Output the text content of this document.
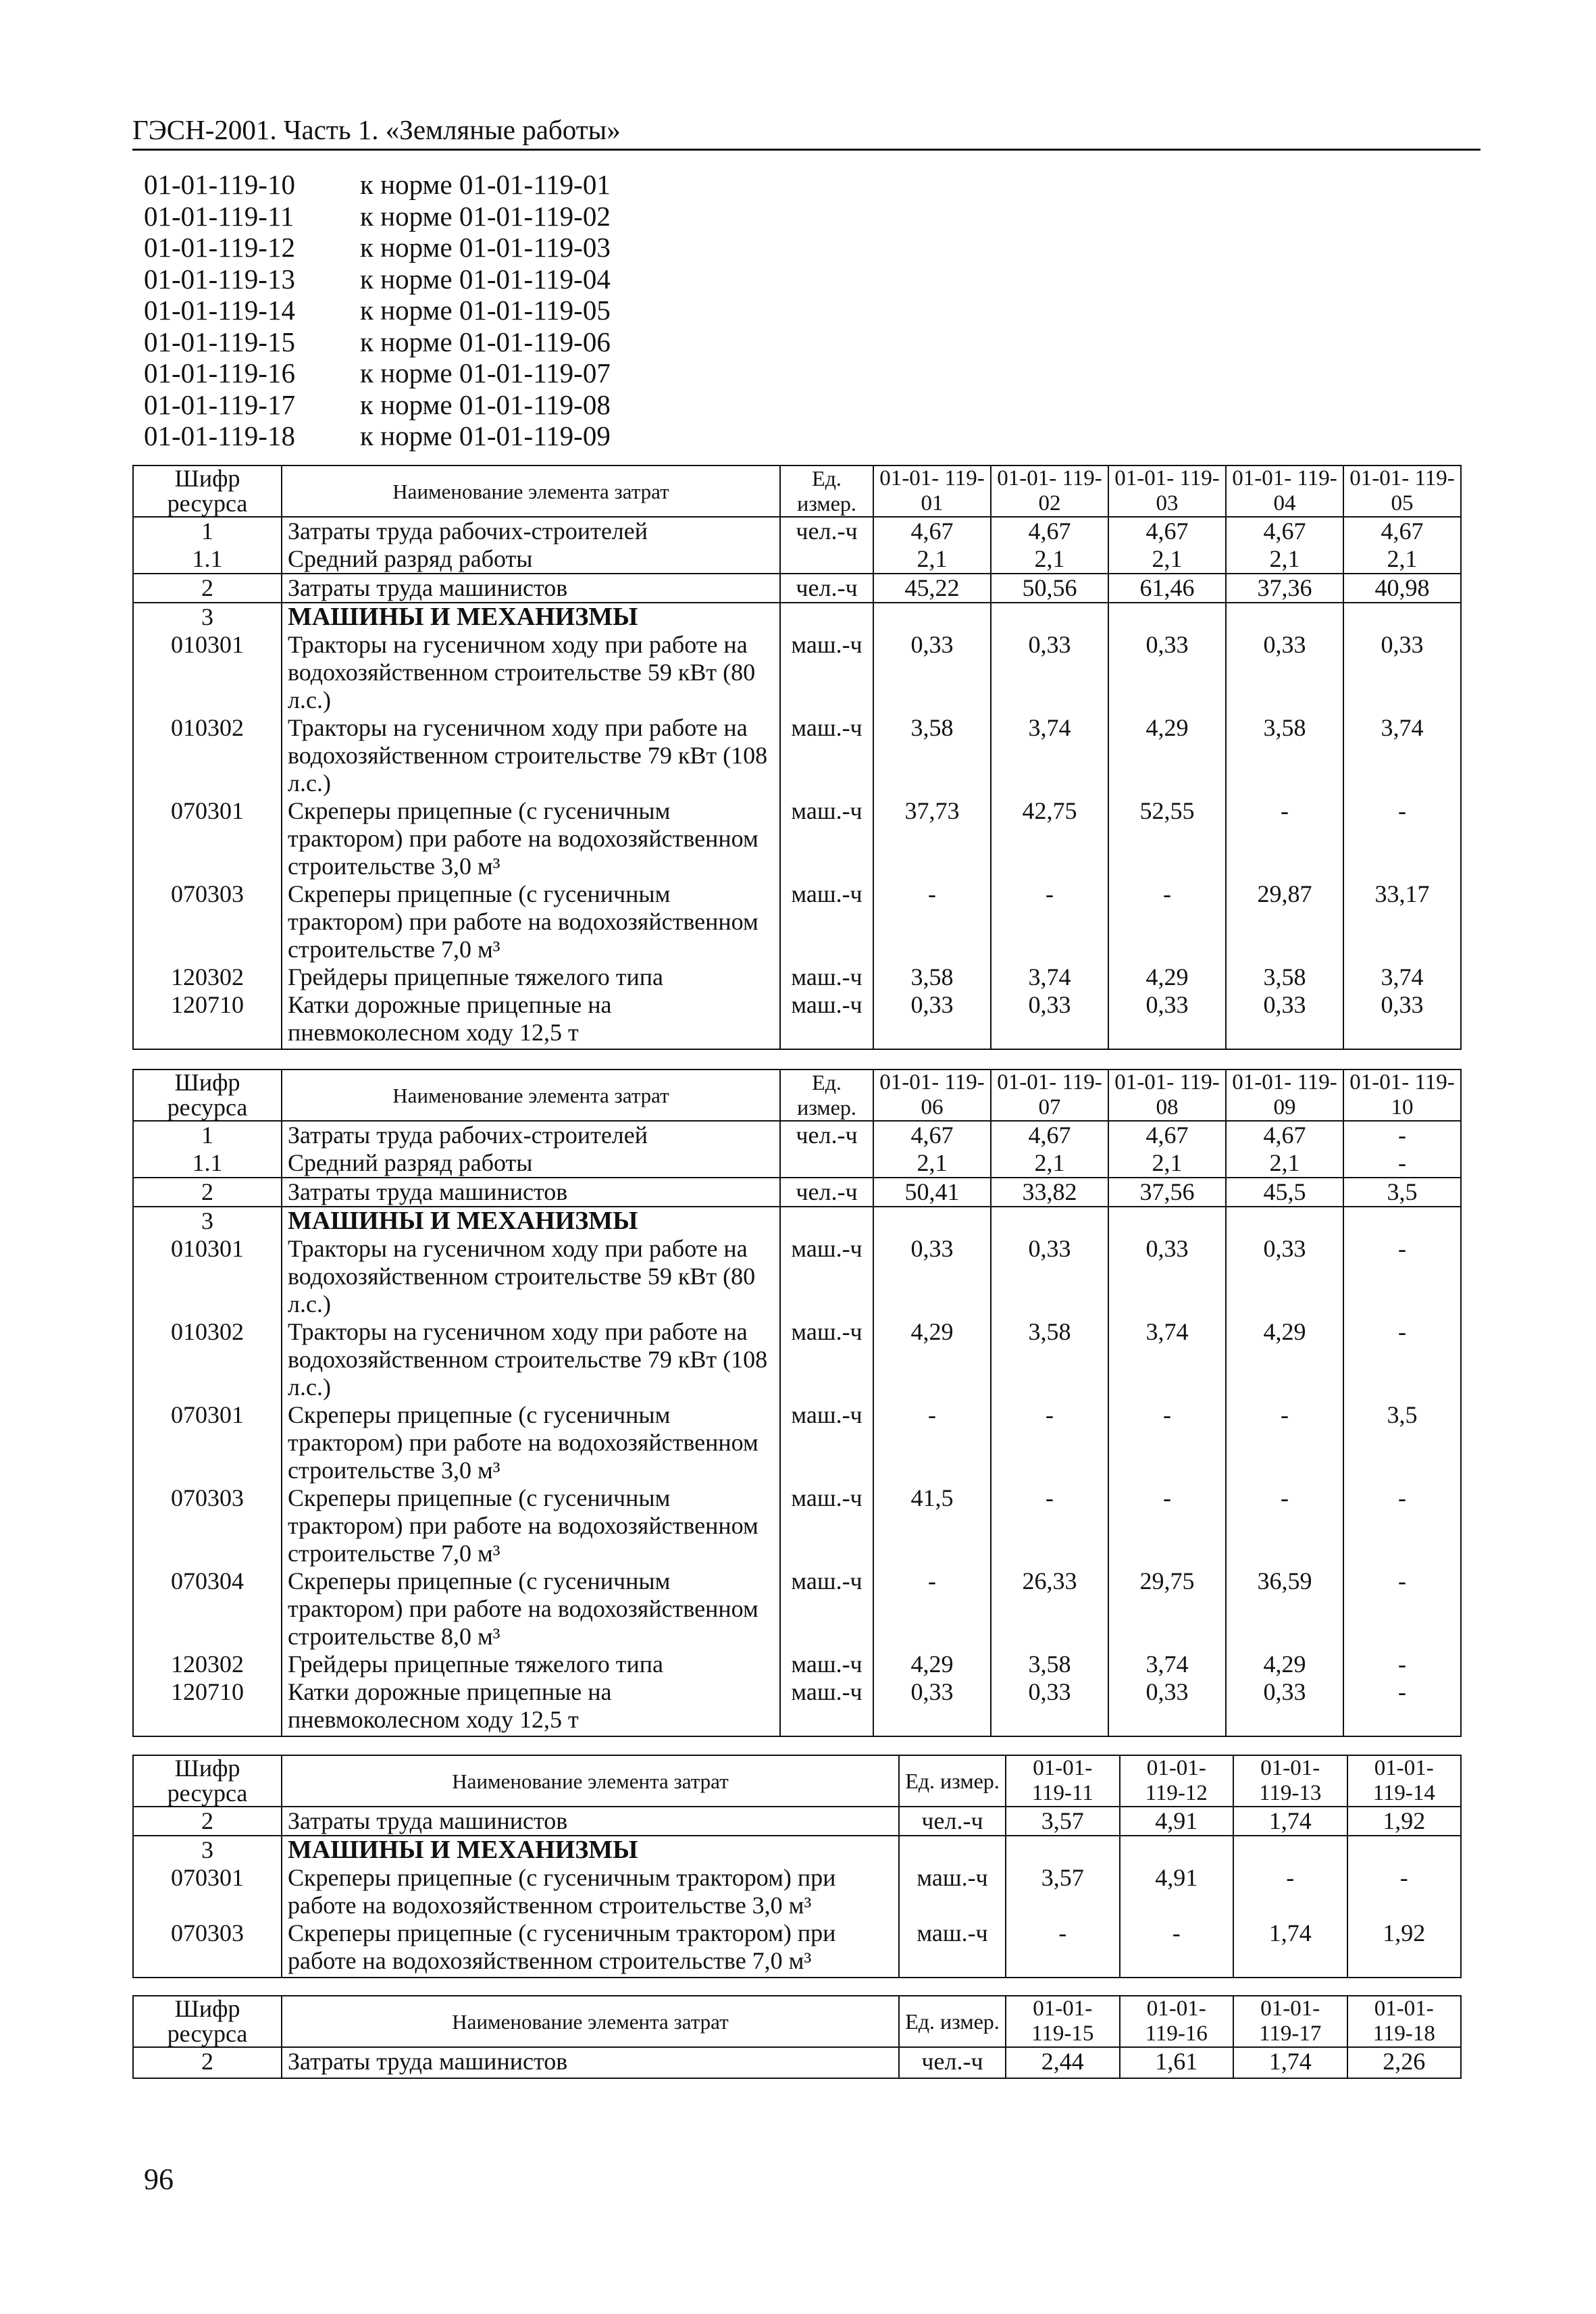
ГЭСН-2001. Часть 1. «Земляные работы»
01-01-119-10	к норме 01-01-119-01
01-01-119-11	к норме 01-01-119-02
01-01-119-12	к норме 01-01-119-03
01-01-119-13	к норме 01-01-119-04
01-01-119-14	к норме 01-01-119-05
01-01-119-15	к норме 01-01-119-06
01-01-119-16	к норме 01-01-119-07
01-01-119-17	к норме 01-01-119-08
01-01-119-18	к норме 01-01-119-09
Шифр ресурса	Наименование элемента затрат	Ед. измер.	01-01- 119-01	01-01- 119-02	01-01- 119-03	01-01- 119-04	01-01- 119-05
1	Затраты труда рабочих-строителей	чел.-ч	4,67	4,67	4,67	4,67	4,67
1.1	Средний разряд работы		2,1	2,1	2,1	2,1	2,1
2	Затраты труда машинистов	чел.-ч	45,22	50,56	61,46	37,36	40,98
3	МАШИНЫ И МЕХАНИЗМЫ						
010301	Тракторы на гусеничном ходу при работе на водохозяйственном строительстве 59 кВт (80 л.с.)	маш.-ч	0,33	0,33	0,33	0,33	0,33
010302	Тракторы на гусеничном ходу при работе на водохозяйственном строительстве 79 кВт (108 л.с.)	маш.-ч	3,58	3,74	4,29	3,58	3,74
070301	Скреперы прицепные (с гусеничным трактором) при работе на водохозяйственном строительстве 3,0 м³	маш.-ч	37,73	42,75	52,55	-	-
070303	Скреперы прицепные (с гусеничным трактором) при работе на водохозяйственном строительстве 7,0 м³	маш.-ч	-	-	-	29,87	33,17
120302	Грейдеры прицепные тяжелого типа	маш.-ч	3,58	3,74	4,29	3,58	3,74
120710	Катки дорожные прицепные на пневмоколесном ходу 12,5 т	маш.-ч	0,33	0,33	0,33	0,33	0,33
Шифр ресурса	Наименование элемента затрат	Ед. измер.	01-01- 119-06	01-01- 119-07	01-01- 119-08	01-01- 119-09	01-01- 119-10
1	Затраты труда рабочих-строителей	чел.-ч	4,67	4,67	4,67	4,67	-
1.1	Средний разряд работы		2,1	2,1	2,1	2,1	-
2	Затраты труда машинистов	чел.-ч	50,41	33,82	37,56	45,5	3,5
3	МАШИНЫ И МЕХАНИЗМЫ						
010301	Тракторы на гусеничном ходу при работе на водохозяйственном строительстве 59 кВт (80 л.с.)	маш.-ч	0,33	0,33	0,33	0,33	-
010302	Тракторы на гусеничном ходу при работе на водохозяйственном строительстве 79 кВт (108 л.с.)	маш.-ч	4,29	3,58	3,74	4,29	-
070301	Скреперы прицепные (с гусеничным трактором) при работе на водохозяйственном строительстве 3,0 м³	маш.-ч	-	-	-	-	3,5
070303	Скреперы прицепные (с гусеничным трактором) при работе на водохозяйственном строительстве 7,0 м³	маш.-ч	41,5	-	-	-	-
070304	Скреперы прицепные (с гусеничным трактором) при работе на водохозяйственном строительстве 8,0 м³	маш.-ч	-	26,33	29,75	36,59	-
120302	Грейдеры прицепные тяжелого типа	маш.-ч	4,29	3,58	3,74	4,29	-
120710	Катки дорожные прицепные на пневмоколесном ходу 12,5 т	маш.-ч	0,33	0,33	0,33	0,33	-
Шифр ресурса	Наименование элемента затрат	Ед. измер.	01-01- 119-11	01-01- 119-12	01-01- 119-13	01-01- 119-14
2	Затраты труда машинистов	чел.-ч	3,57	4,91	1,74	1,92
3	МАШИНЫ И МЕХАНИЗМЫ					
070301	Скреперы прицепные (с гусеничным трактором) при работе на водохозяйственном строительстве 3,0 м³	маш.-ч	3,57	4,91	-	-
070303	Скреперы прицепные (с гусеничным трактором) при работе на водохозяйственном строительстве 7,0 м³	маш.-ч	-	-	1,74	1,92
Шифр ресурса	Наименование элемента затрат	Ед. измер.	01-01- 119-15	01-01- 119-16	01-01- 119-17	01-01- 119-18
2	Затраты труда машинистов	чел.-ч	2,44	1,61	1,74	2,26
96
